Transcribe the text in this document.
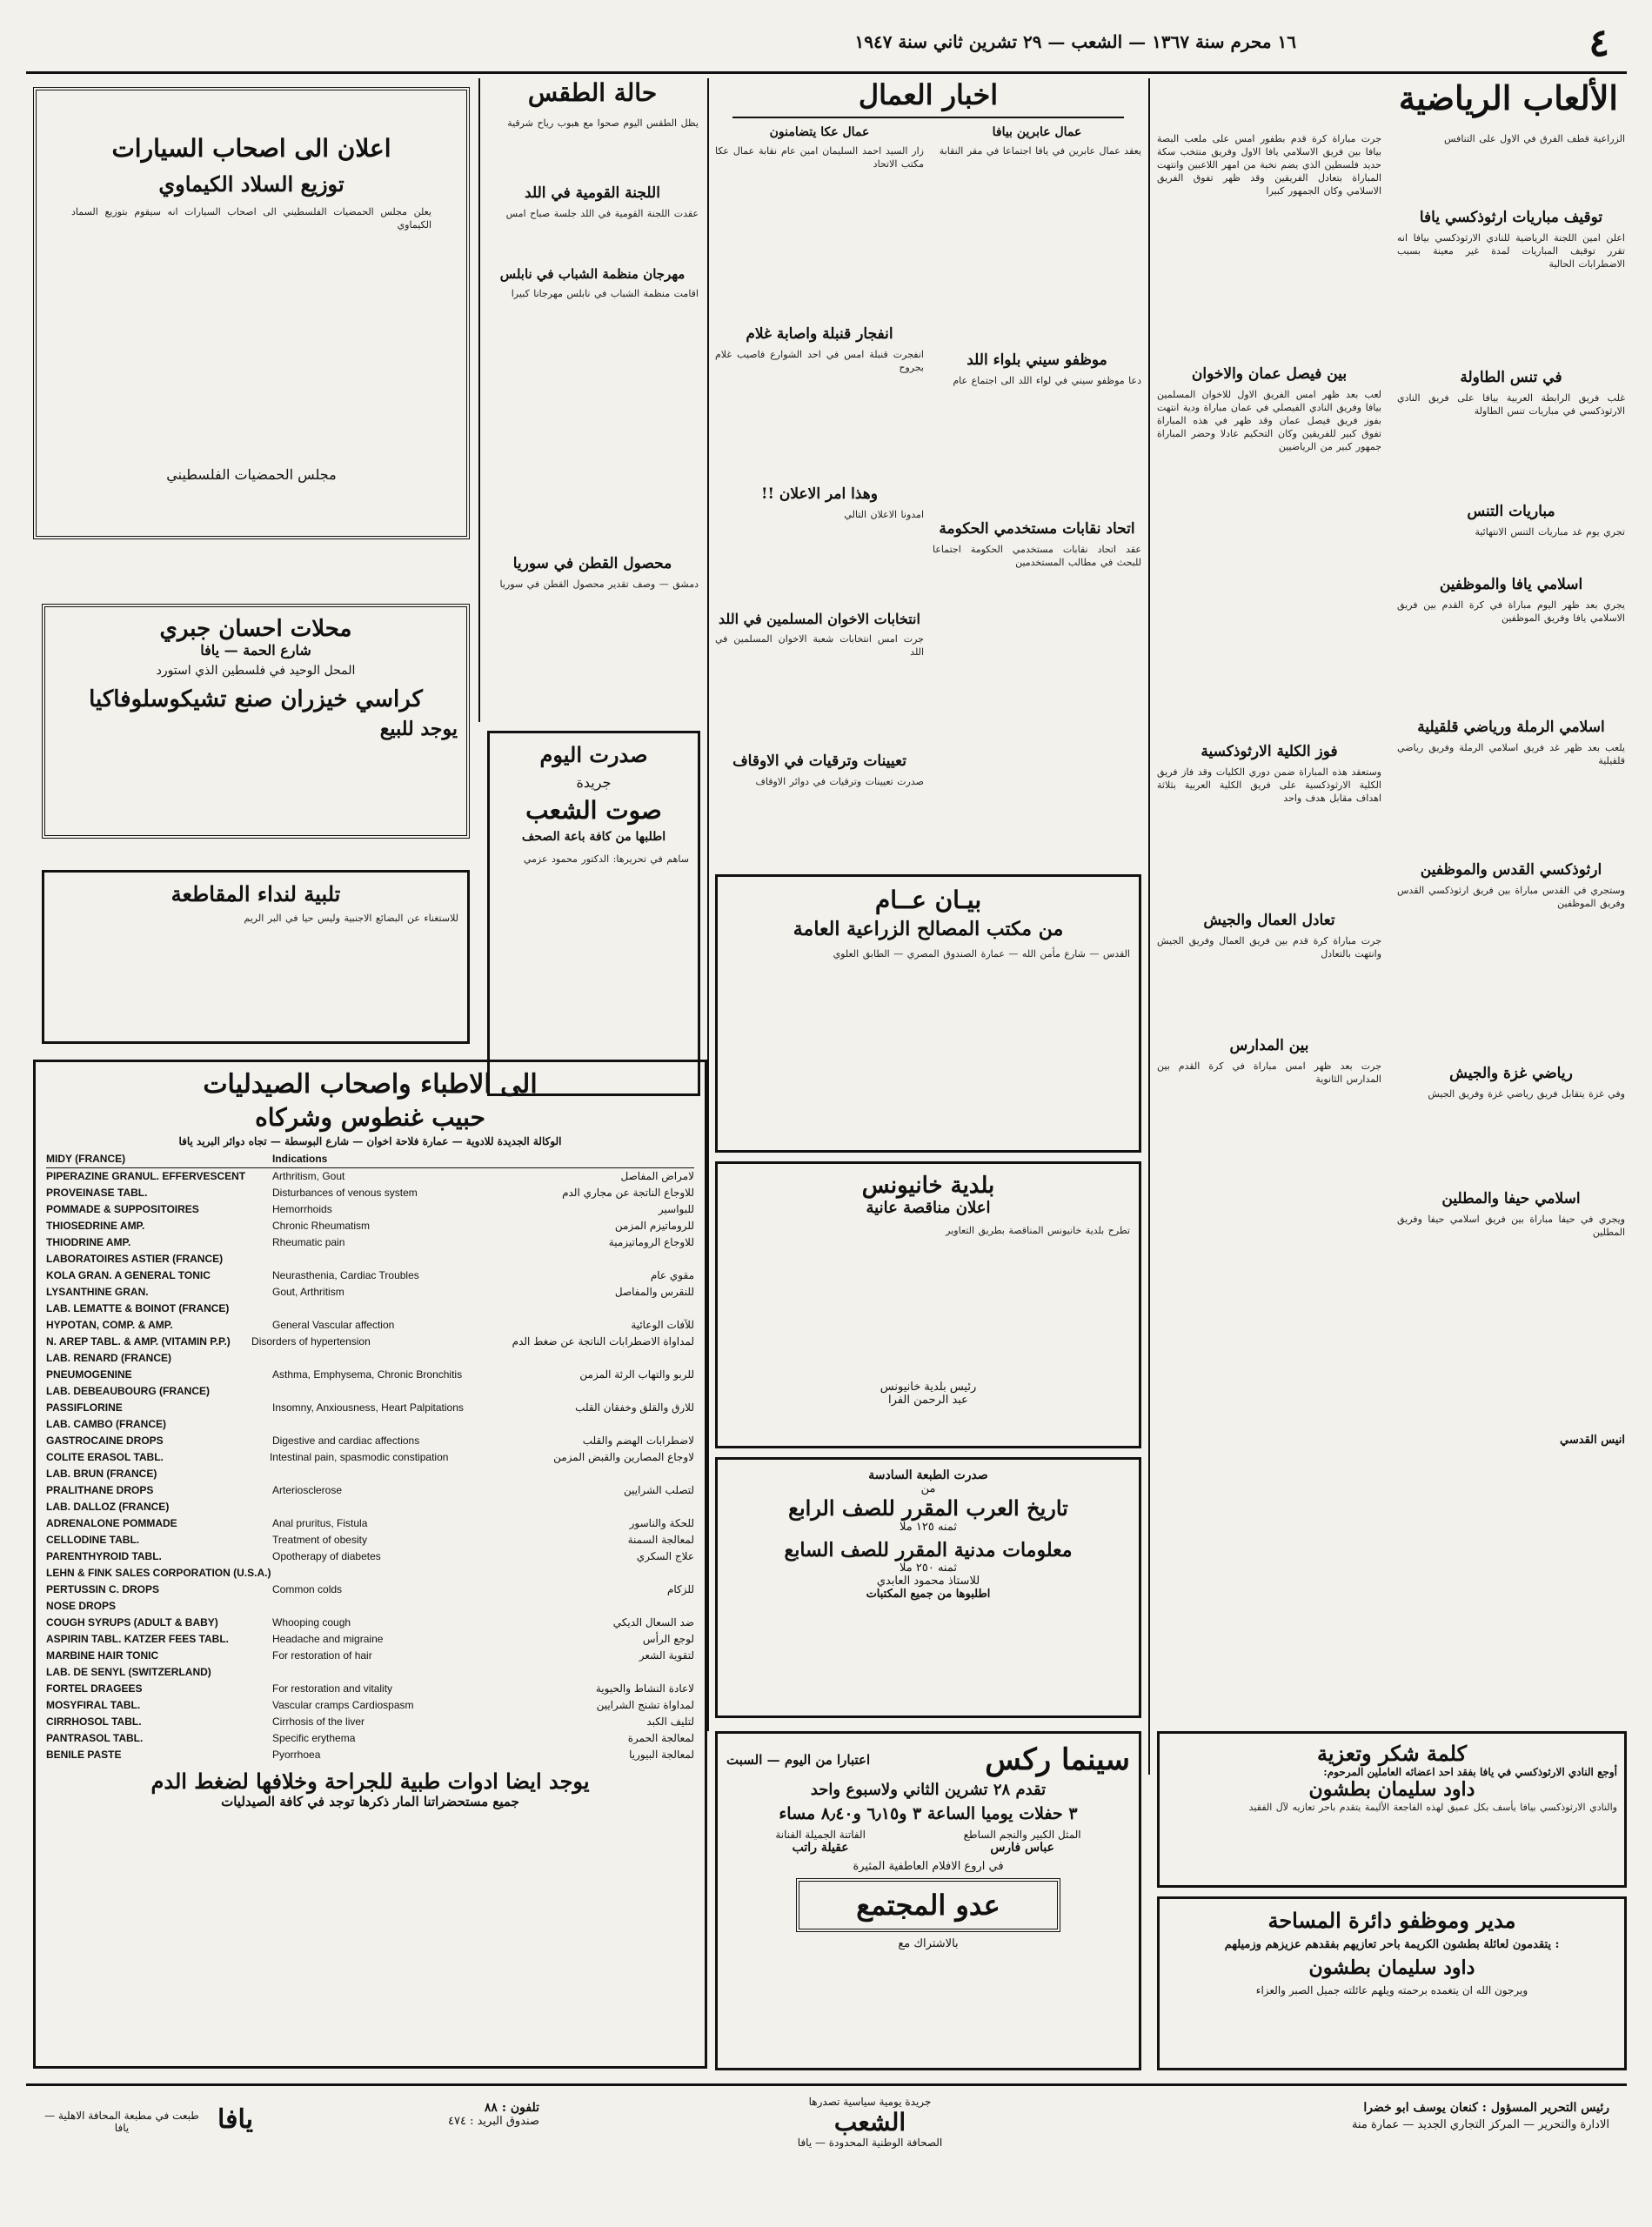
٤
١٦ محرم سنة ١٣٦٧ — الشعب — ٢٩ تشرين ثاني سنة ١٩٤٧
الألعاب الرياضية
جرت مباراة كرة قدم بطفور امس على ملعب البصة بيافا بين فريق الاسلامي يافا الاول وفريق منتخب سكة حديد فلسطين الذي يضم نخبة من امهر اللاعبين وانتهت المباراة بتعادل الفريقين وقد ظهر تفوق الفريق الاسلامي وكان الجمهور كبيرا
بين فيصل عمان والاخوان
لعب بعد ظهر امس الفريق الاول للاخوان المسلمين بيافا وفريق النادي الفيصلي في عمان مباراة ودية انتهت بفوز فريق فيصل عمان وقد ظهر في هذه المباراة تفوق كبير للفريقين وكان التحكيم عادلا وحضر المباراة جمهور كبير من الرياضيين
فوز الكلية الارثوذكسية
وستعقد هذه المباراة ضمن دوري الكليات وقد فاز فريق الكلية الارثوذكسية على فريق الكلية العربية بثلاثة اهداف مقابل هدف واحد
تعادل العمال والجيش
جرت مباراة كرة قدم بين فريق العمال وفريق الجيش وانتهت بالتعادل
بين المدارس
جرت بعد ظهر امس مباراة في كرة القدم بين المدارس الثانوية
الزراعية قطف الفرق في الاول على التنافس
توقيف مباريات ارثوذكسي يافا
اعلن امين اللجنة الرياضية للنادي الارثوذكسي بيافا انه تقرر توقيف المباريات لمدة غير معينة بسبب الاضطرابات الحالية
في تنس الطاولة
غلب فريق الرابطة العربية بيافا على فريق النادي الارثوذكسي في مباريات تنس الطاولة
مباريات التنس
تجري يوم غد مباريات التنس الانتهائية
اسلامي يافا والموظفين
يجري بعد ظهر اليوم مباراة في كرة القدم بين فريق الاسلامي يافا وفريق الموظفين
اسلامي الرملة ورياضي قلقيلية
يلعب بعد ظهر غد فريق اسلامي الرملة وفريق رياضي قلقيلية
ارثوذكسي القدس والموظفين
وستجري في القدس مباراة بين فريق ارثوذكسي القدس وفريق الموظفين
رياضي غزة والجيش
وفي غزة يتقابل فريق رياضي غزة وفريق الجيش
اسلامي حيفا والمطلين
ويجري في حيفا مباراة بين فريق اسلامي حيفا وفريق المطلين
انيس القدسي
اخبار العمال
عمال عكا يتضامنون
زار السيد احمد السليمان امين عام نقابة عمال عكا مكتب الاتحاد
انفجار قنبلة واصابة غلام
انفجرت قنبلة امس في احد الشوارع فاصيب غلام بجروح
وهذا امر الاعلان !!
امدونا الاعلان التالي
انتخابات الاخوان المسلمين في اللد
جرت امس انتخابات شعبة الاخوان المسلمين في اللد
تعيينات وترقيات في الاوقاف
صدرت تعيينات وترقيات في دوائر الاوقاف
عمال عابرين بيافا
يعقد عمال عابرين في يافا اجتماعا في مقر النقابة
موظفو سيني بلواء اللد
دعا موظفو سيني في لواء اللد الى اجتماع عام
اتحاد نقابات مستخدمي الحكومة
عقد اتحاد نقابات مستخدمي الحكومة اجتماعا للبحث في مطالب المستخدمين
حالة الطقس
يظل الطقس اليوم صحوا مع هبوب رياح شرقية
اللجنة القومية في اللد
عقدت اللجنة القومية في اللد جلسة صباح امس
مهرجان منظمة الشباب في نابلس
اقامت منظمة الشباب في نابلس مهرجانا كبيرا
محصول القطن في سوريا
دمشق — وصف تقدير محصول القطن في سوريا
اعلان الى اصحاب السيارات
توزيع السلاد الكيماوي
يعلن مجلس الحمضيات الفلسطيني الى اصحاب السيارات انه سيقوم بتوزيع السماد الكيماوي
مجلس الحمضيات الفلسطيني
محلات احسان جبري
شارع الحمة — يافا
المحل الوحيد في فلسطين الذي استورد
كراسي خيزران صنع تشيكوسلوفاكيا
يوجد للبيع
تلبية لنداء المقاطعة
للاستغناء عن البضائع الاجنبية وليس حيا في البر الريم
صدرت اليوم
جريدة
صوت الشعب
اطلبها من كافة باعة الصحف
ساهم في تحريرها: الدكتور محمود عزمي
بيـان عــام
من مكتب المصالح الزراعية العامة
القدس — شارع مأمن الله — عمارة الصندوق المصري — الطابق العلوي
بلدية خانيونس
اعلان مناقصة عانية
تطرح بلدية خانيونس المناقصة بطريق التعاوير
رئيس بلدية خانيونس
عبد الرحمن الفرا
صدرت الطبعة السادسة
من
تاريخ العرب المقرر للصف الرابع
ثمنه ١٢٥ ملا
معلومات مدنية المقرر للصف السابع
ثمنه ٢٥٠ ملا
للاستاذ محمود العابدي
اطلبوها من جميع المكتبات
الى الاطباء واصحاب الصيدليات
حبيب غنطوس وشركاه
الوكالة الجديدة للادوية — عمارة فلاحة اخوان — شارع البوسطة — تجاه دوائر البريد يافا
MIDY (FRANCE)	Indications
PIPERAZINE GRANUL. EFFERVESCENT	Arthritism, Gout	لامراض المفاصل
PROVEINASE TABL.	Disturbances of venous system	للاوجاع الناتجة عن مجاري الدم
POMMADE & SUPPOSITOIRES	Hemorrhoids	للبواسير
THIOSEDRINE AMP.	Chronic Rheumatism	للروماتيزم المزمن
THIODRINE AMP.	Rheumatic pain	للاوجاع الروماتيزمية
LABORATOIRES ASTIER (FRANCE)
KOLA GRAN. A GENERAL TONIC	Neurasthenia, Cardiac Troubles	مقوي عام
LYSANTHINE GRAN.	Gout, Arthritism	للنقرس والمفاصل
LAB. LEMATTE & BOINOT (FRANCE)
HYPOTAN, COMP. & AMP.	General Vascular affection	للآفات الوعائية
N. AREP TABL. & AMP. (VITAMIN P.P.)	Disorders of hypertension	لمداواة الاضطرابات الناتجة عن ضغط الدم
LAB. RENARD (FRANCE)
PNEUMOGENINE	Asthma, Emphysema, Chronic Bronchitis	للربو والتهاب الرئة المزمن
LAB. DEBEAUBOURG (FRANCE)
PASSIFLORINE	Insomny, Anxiousness, Heart Palpitations	للارق والقلق وخفقان القلب
LAB. CAMBO (FRANCE)
GASTROCAINE DROPS	Digestive and cardiac affections	لاضطرابات الهضم والقلب
COLITE ERASOL TABL.	Intestinal pain, spasmodic constipation	لاوجاع المصارين والقبض المزمن
LAB. BRUN (FRANCE)
PRALITHANE DROPS	Arteriosclerose	لتصلب الشرايين
LAB. DALLOZ (FRANCE)
ADRENALONE POMMADE	Anal pruritus, Fistula	للحكة والناسور
CELLODINE TABL.	Treatment of obesity	لمعالجة السمنة
PARENTHYROID TABL.	Opotherapy of diabetes	علاج السكري
LEHN & FINK SALES CORPORATION (U.S.A.)
PERTUSSIN C. DROPS	Common colds	للزكام
NOSE DROPS
COUGH SYRUPS (ADULT & BABY)	Whooping cough	ضد السعال الديكي
ASPIRIN TABL. KATZER FEES TABL.	Headache and migraine	لوجع الرأس
MARBINE HAIR TONIC	For restoration of hair	لتقوية الشعر
LAB. DE SENYL (SWITZERLAND)
FORTEL DRAGEES	For restoration and vitality	لاعادة النشاط والحيوية
MOSYFIRAL TABL.	Vascular cramps Cardiospasm	لمداواة تشنج الشرايين
CIRRHOSOL TABL.	Cirrhosis of the liver	لتليف الكبد
PANTRASOL TABL.	Specific erythema	لمعالجة الحمرة
BENILE PASTE	Pyorrhoea	لمعالجة البيوريا
يوجد ايضا ادوات طبية للجراحة وخلافها لضغط الدم
جميع مستحضراتنا المار ذكرها توجد في كافة الصيدليات
سينما ركس
اعتبارا من اليوم — السبت
تقدم ٢٨ تشرين الثاني ولاسبوع واحد
٣ حفلات يوميا الساعة ٣ و٦٫١٥ و٨٫٤٠ مساء
المثل الكبير والنجم الساطع
عباس فارس
الفاتنة الجميلة الفنانة
عقيلة راتب
في اروع الافلام العاطفية المثيرة
عدو المجتمع
بالاشتراك مع
كلمة شكر وتعزية
أوجع النادي الارثوذكسي في يافا بفقد احد اعضائه العاملين المرحوم:
داود سليمان بطشون
والنادي الارثوذكسي بيافا يأسف بكل عميق لهذه الفاجعة الأليمة يتقدم باحر تعازيه لآل الفقيد
مدير وموظفو دائرة المساحة
يتقدمون لعائلة بطشون الكريمة باحر تعازيهم بفقدهم عزيزهم وزميلهم :
داود سليمان بطشون
ويرجون الله ان يتغمده برحمته ويلهم عائلته جميل الصبر والعزاء
رئيس التحرير المسؤول : كنعان يوسف ابو خضرا
الادارة والتحرير — المركز التجاري الجديد — عمارة منة
جريدة يومية سياسية تصدرها
الشعب
الصحافة الوطنية المحدودة — يافا
تلفون : ٨٨
صندوق البريد : ٤٧٤
يافا
طبعت في مطبعة المحافة الاهلية — يافا
